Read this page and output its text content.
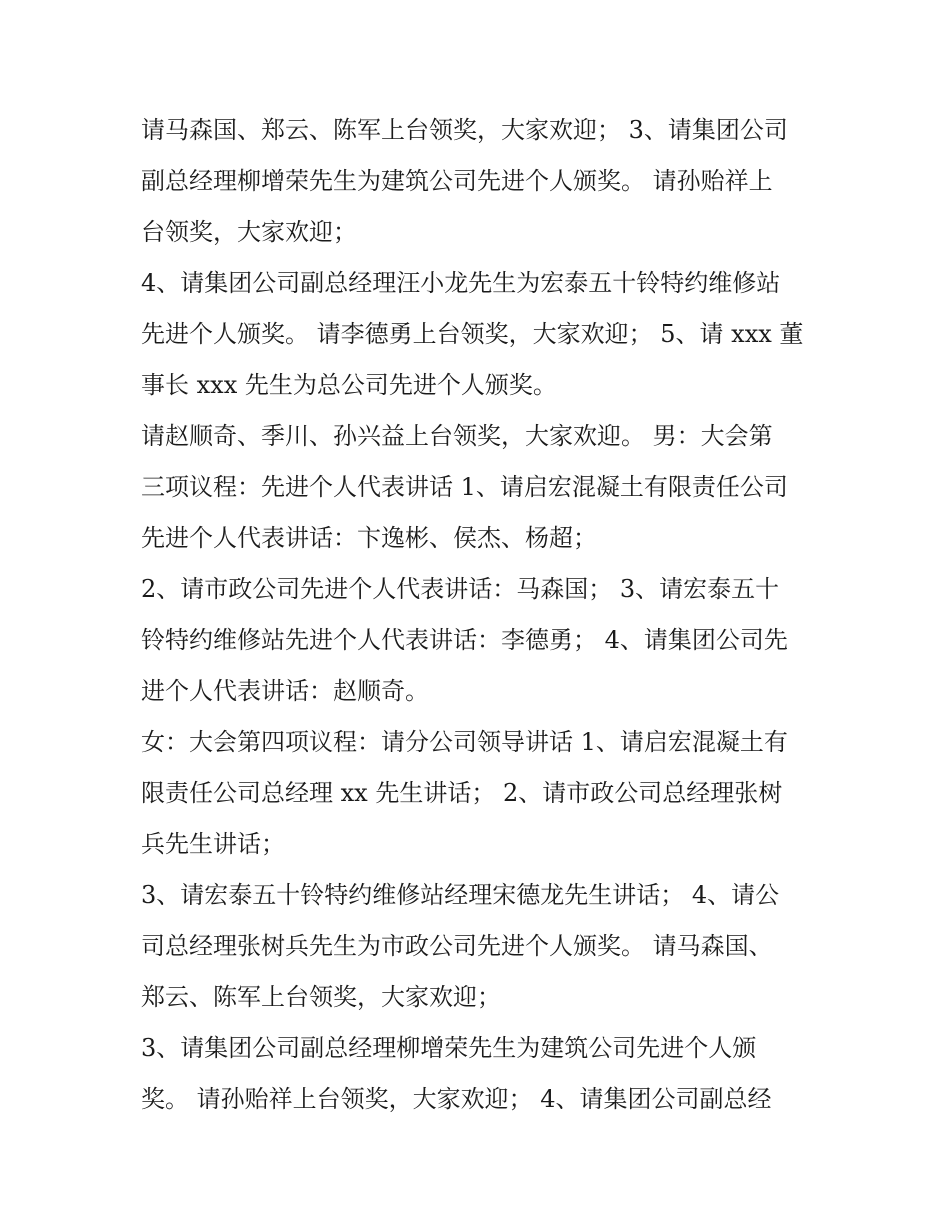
请马森国、郑云、陈军上台领奖，大家欢迎； 3、请集团公司
副总经理柳增荣先生为建筑公司先进个人颁奖。 请孙贻祥上
台领奖，大家欢迎；
4、请集团公司副总经理汪小龙先生为宏泰五十铃特约维修站
先进个人颁奖。 请李德勇上台领奖，大家欢迎； 5、请 xxx 董
事长 xxx 先生为总公司先进个人颁奖。
请赵顺奇、季川、孙兴益上台领奖，大家欢迎。 男：大会第
三项议程：先进个人代表讲话 1、请启宏混凝土有限责任公司
先进个人代表讲话：卞逸彬、侯杰、杨超；
2、请市政公司先进个人代表讲话：马森国； 3、请宏泰五十
铃特约维修站先进个人代表讲话：李德勇； 4、请集团公司先
进个人代表讲话：赵顺奇。
女：大会第四项议程：请分公司领导讲话 1、请启宏混凝土有
限责任公司总经理 xx 先生讲话； 2、请市政公司总经理张树
兵先生讲话；
3、请宏泰五十铃特约维修站经理宋德龙先生讲话； 4、请公
司总经理张树兵先生为市政公司先进个人颁奖。 请马森国、
郑云、陈军上台领奖，大家欢迎；
3、请集团公司副总经理柳增荣先生为建筑公司先进个人颁
奖。 请孙贻祥上台领奖，大家欢迎； 4、请集团公司副总经
